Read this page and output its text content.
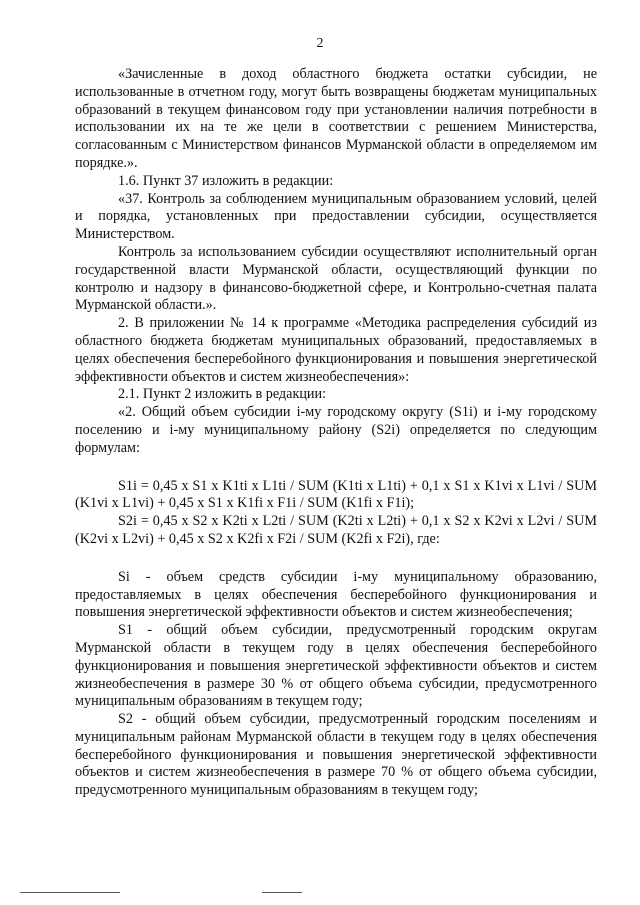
2

«Зачисленные в доход областного бюджета остатки субсидии, не использованные в отчетном году, могут быть возвращены бюджетам муниципальных образований в текущем финансовом году при установлении наличия потребности в использовании их на те же цели в соответствии с решением Министерства, согласованным с Министерством финансов Мурманской области в определяемом им порядке.».

1.6. Пункт 37 изложить в редакции:

«37. Контроль за соблюдением муниципальным образованием условий, целей и порядка, установленных при предоставлении субсидии, осуществляется Министерством.

Контроль за использованием субсидии осуществляют исполнительный орган государственной власти Мурманской области, осуществляющий функции по контролю и надзору в финансово-бюджетной сфере, и Контрольно-счетная палата Мурманской области.».

2. В приложении № 14 к программе «Методика распределения субсидий из областного бюджета бюджетам муниципальных образований, предоставляемых в целях обеспечения бесперебойного функционирования и повышения энергетической эффективности объектов и систем жизнеобеспечения»:

2.1. Пункт 2 изложить в редакции:

«2. Общий объем субсидии i-му городскому округу (S1i) и i-му городскому поселению и i-му муниципальному району (S2i) определяется по следующим формулам:

S1i = 0,45 x S1 x K1ti x L1ti / SUM (K1ti x L1ti) + 0,1 x S1 x K1vi x L1vi / SUM (K1vi x L1vi) + 0,45 x S1 x K1fi x F1i / SUM (K1fi x F1i);

S2i = 0,45 x S2 x K2ti x L2ti / SUM (K2ti x L2ti) + 0,1 x S2 x K2vi x L2vi / SUM (K2vi x L2vi) + 0,45 x S2 x K2fi x F2i / SUM (K2fi x F2i), где:

Si - объем средств субсидии i-му муниципальному образованию, предоставляемых в целях обеспечения бесперебойного функционирования и повышения энергетической эффективности объектов и систем жизнеобеспечения;

S1 - общий объем субсидии, предусмотренный городским округам Мурманской области в текущем году в целях обеспечения бесперебойного функционирования и повышения энергетической эффективности объектов и систем жизнеобеспечения в размере 30 % от общего объема субсидии, предусмотренного муниципальным образованиям в текущем году;

S2 - общий объем субсидии, предусмотренный городским поселениям и муниципальным районам Мурманской области в текущем году в целях обеспечения бесперебойного функционирования и повышения энергетической эффективности объектов и систем жизнеобеспечения в размере 70 % от общего объема субсидии, предусмотренного муниципальным образованиям в текущем году;
